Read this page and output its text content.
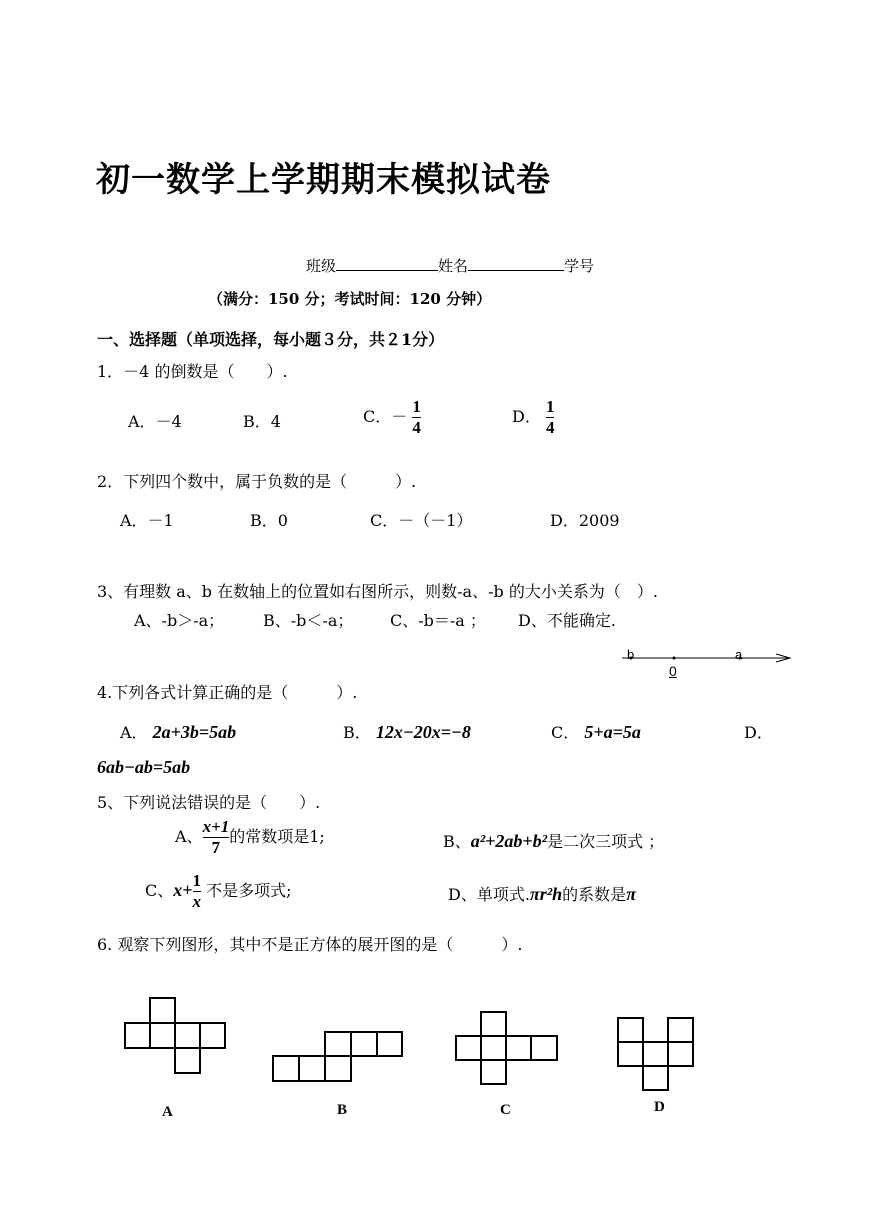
初一数学上学期期末模拟试卷
班级	姓名	学号
（满分：150 分；考试时间：120 分钟）
一、选择题（单项选择，每小题３分，共２1分）
1．－4 的倒数是（　　）.
A．－4	B．4	C．－ $\frac{1}{4}$	D． $\frac{1}{4}$
2．下列四个数中，属于负数的是（　　　）.
A．－1	B．0	C．－（－1）	D．2009
3、有理数 a、b 在数轴上的位置如右图所示，则数-a、-b 的大小关系为（　）.
A、-b＞-a； B、-b＜-a； C、-b＝-a ； D、不能确定.
b
0
a
4.下列各式计算正确的是（　　　）.
A． 2a+3b=5ab	B． 12x−20x=−8	C． 5+a=5a	D．
6ab−ab=5ab
5、下列说法错误的是（　　）.
A、 $\frac{x+1}{7}$ 的常数项是1;	B、a²+2ab+b²是二次三项式 ；
C、$x+ \frac{1}{x}$ 不是多项式;	D、单项式.πr²h的系数是π
6. 观察下列图形，其中不是正方体的展开图的是（　　　）.
A	B	C	D
